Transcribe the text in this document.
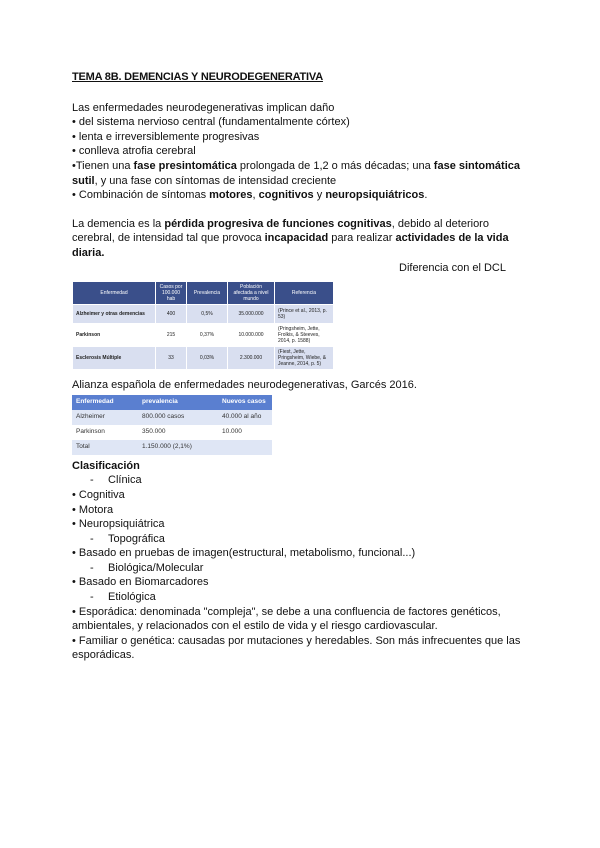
TEMA 8B. DEMENCIAS Y NEURODEGENERATIVA

Las enfermedades neurodegenerativas implican daño

• del sistema nervioso central (fundamentalmente córtex)

• lenta e irreversiblemente progresivas

• conlleva atrofia cerebral

•Tienen una fase presintomática prolongada de 1,2 o más décadas; una fase sintomática sutil, y una fase con síntomas de intensidad creciente

• Combinación de síntomas motores, cognitivos y neuropsiquiátricos.

La demencia es la pérdida progresiva de funciones cognitivas, debido al deterioro cerebral, de intensidad tal que provoca incapacidad para realizar actividades de la vida diaria.

Diferencia con el DCL

Enfermedad	Casos por 100.000 hab	Prevalencia	Población afectada a nivel mundo	Referencia
Alzheimer y otras demencias	400	0,5%	35.000.000	(Prince et al., 2013, p. 53)
Parkinson	215	0,37%	10.000.000	(Pringsheim, Jette, Frolkis, & Steeves, 2014, p. 1588)
Esclerosis Múltiple	33	0,03%	2.300.000	(Fiest, Jette, Pringsheim, Wiebe, & Jeanne, 2014, p. 5)

Alianza española de enfermedades neurodegenerativas, Garcés 2016.

Enfermedad	prevalencia	Nuevos casos
Alzheimer	800.000 casos	40.000 al año
Parkinson	350.000	10.000
Total	1.150.000 (2,1%)	

Clasificación

- Clínica

• Cognitiva

• Motora

• Neuropsiquiátrica

- Topográfica

• Basado en pruebas de imagen(estructural, metabolismo, funcional...)

- Biológica/Molecular

• Basado en Biomarcadores

- Etiológica

• Esporádica: denominada "compleja", se debe a una confluencia de factores genéticos, ambientales, y relacionados con el estilo de vida y el riesgo cardiovascular.

• Familiar o genética: causadas por mutaciones y heredables. Son más infrecuentes que las esporádicas.
